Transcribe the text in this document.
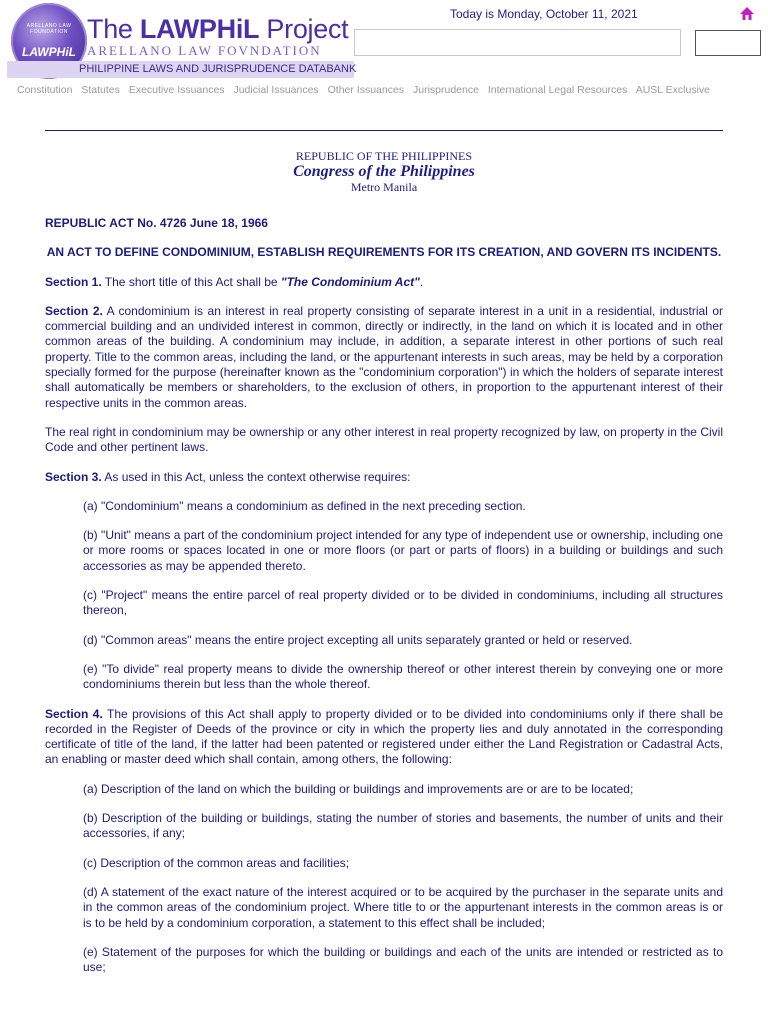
ARELLANO LAW FOUNDATION
LAWPHiL
The LAWPHiL Project
ARELLANO LAW FOVNDATION
PHILIPPINE LAWS AND JURISPRUDENCE DATABANK
Today is Monday, October 11, 2021
Constitution Statutes Executive Issuances Judicial Issuances Other Issuances Jurisprudence International Legal Resources AUSL Exclusive
REPUBLIC OF THE PHILIPPINES
Congress of the Philippines
Metro Manila

REPUBLIC ACT No. 4726 June 18, 1966

AN ACT TO DEFINE CONDOMINIUM, ESTABLISH REQUIREMENTS FOR ITS CREATION, AND GOVERN ITS INCIDENTS.

Section 1. The short title of this Act shall be "The Condominium Act".

Section 2. A condominium is an interest in real property consisting of separate interest in a unit in a residential, industrial or commercial building and an undivided interest in common, directly or indirectly, in the land on which it is located and in other common areas of the building. A condominium may include, in addition, a separate interest in other portions of such real property. Title to the common areas, including the land, or the appurtenant interests in such areas, may be held by a corporation specially formed for the purpose (hereinafter known as the "condominium corporation") in which the holders of separate interest shall automatically be members or shareholders, to the exclusion of others, in proportion to the appurtenant interest of their respective units in the common areas.

The real right in condominium may be ownership or any other interest in real property recognized by law, on property in the Civil Code and other pertinent laws.

Section 3. As used in this Act, unless the context otherwise requires:

(a) "Condominium" means a condominium as defined in the next preceding section.

(b) "Unit" means a part of the condominium project intended for any type of independent use or ownership, including one or more rooms or spaces located in one or more floors (or part or parts of floors) in a building or buildings and such accessories as may be appended thereto.

(c) "Project" means the entire parcel of real property divided or to be divided in condominiums, including all structures thereon,

(d) "Common areas" means the entire project excepting all units separately granted or held or reserved.

(e) "To divide" real property means to divide the ownership thereof or other interest therein by conveying one or more condominiums therein but less than the whole thereof.

Section 4. The provisions of this Act shall apply to property divided or to be divided into condominiums only if there shall be recorded in the Register of Deeds of the province or city in which the property lies and duly annotated in the corresponding certificate of title of the land, if the latter had been patented or registered under either the Land Registration or Cadastral Acts, an enabling or master deed which shall contain, among others, the following:

(a) Description of the land on which the building or buildings and improvements are or are to be located;

(b) Description of the building or buildings, stating the number of stories and basements, the number of units and their accessories, if any;

(c) Description of the common areas and facilities;

(d) A statement of the exact nature of the interest acquired or to be acquired by the purchaser in the separate units and in the common areas of the condominium project. Where title to or the appurtenant interests in the common areas is or is to be held by a condominium corporation, a statement to this effect shall be included;

(e) Statement of the purposes for which the building or buildings and each of the units are intended or restricted as to use;
